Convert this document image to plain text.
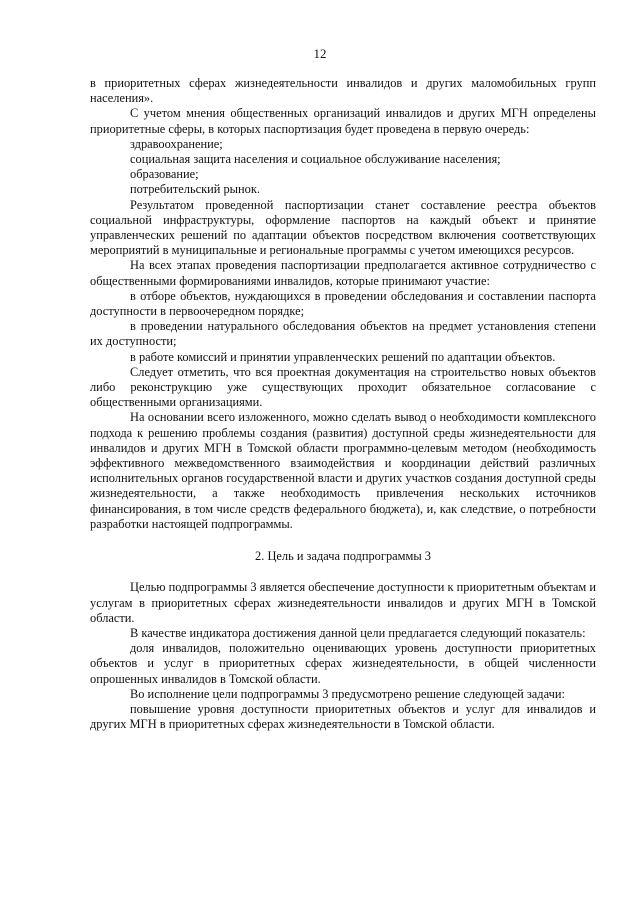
12

в приоритетных сферах жизнедеятельности инвалидов и других маломобильных групп населения».

С учетом мнения общественных организаций инвалидов и других МГН определены приоритетные сферы, в которых паспортизация будет проведена в первую очередь:

здравоохранение;

социальная защита населения и социальное обслуживание населения;

образование;

потребительский рынок.

Результатом проведенной паспортизации станет составление реестра объектов социальной инфраструктуры, оформление паспортов на каждый объект и принятие управленческих решений по адаптации объектов посредством включения соответствующих мероприятий в муниципальные и региональные программы с учетом имеющихся ресурсов.

На всех этапах проведения паспортизации предполагается активное сотрудничество с общественными формированиями инвалидов, которые принимают участие:

в отборе объектов, нуждающихся в проведении обследования и составлении паспорта доступности в первоочередном порядке;

в проведении натурального обследования объектов на предмет установления степени их доступности;

в работе комиссий и принятии управленческих решений по адаптации объектов.

Следует отметить, что вся проектная документация на строительство новых объектов либо реконструкцию уже существующих проходит обязательное согласование с общественными организациями.

На основании всего изложенного, можно сделать вывод о необходимости комплексного подхода к решению проблемы создания (развития) доступной среды жизнедеятельности для инвалидов и других МГН в Томской области программно-целевым методом (необходимость эффективного межведомственного взаимодействия и координации действий различных исполнительных органов государственной власти и других участков создания доступной среды жизнедеятельности, а также необходимость привлечения нескольких источников финансирования, в том числе средств федерального бюджета), и, как следствие, о потребности разработки настоящей подпрограммы.

2. Цель и задача подпрограммы 3

Целью подпрограммы 3 является обеспечение доступности к приоритетным объектам и услугам в приоритетных сферах жизнедеятельности инвалидов и других МГН в Томской области.

В качестве индикатора достижения данной цели предлагается следующий показатель:

доля инвалидов, положительно оценивающих уровень доступности приоритетных объектов и услуг в приоритетных сферах жизнедеятельности, в общей численности опрошенных инвалидов в Томской области.

Во исполнение цели подпрограммы 3 предусмотрено решение следующей задачи:

повышение уровня доступности приоритетных объектов и услуг для инвалидов и других МГН в приоритетных сферах жизнедеятельности в Томской области.
